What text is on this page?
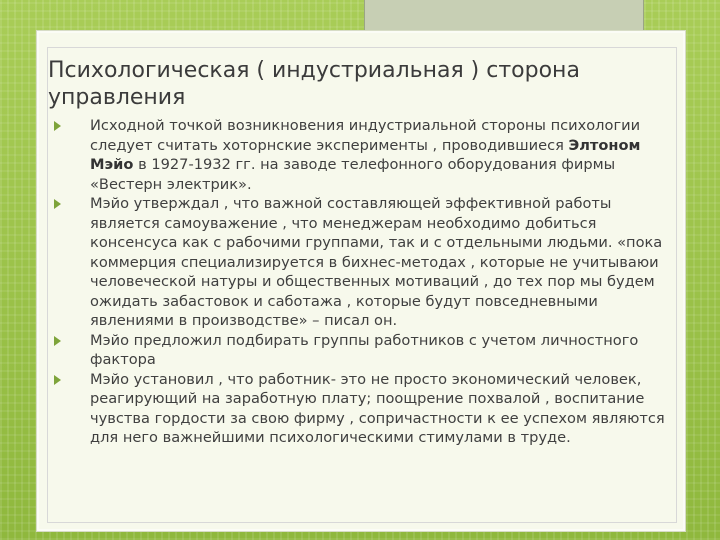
Психологическая ( индустриальная ) сторона управления
Исходной точкой возникновения индустриальной стороны психологии следует считать хоторнские эксперименты , проводившиеся Элтоном Мэйо в 1927-1932 гг. на заводе телефонного оборудования фирмы «Вестерн электрик».
Мэйо утверждал , что важной составляющей эффективной работы является самоуважение , что менеджерам необходимо добиться консенсуса как с рабочими группами, так и с отдельными людьми. «пока коммерция специализируется в бихнес-методах , которые не учитываюи человеческой натуры и общественных мотиваций , до тех пор мы будем ожидать забастовок и саботажа , которые будут повседневными явлениями в производстве» – писал он.
Мэйо предложил подбирать группы работников с учетом личностного фактора
Мэйо установил , что работник- это не просто экономический человек, реагирующий на заработную плату; поощрение похвалой , воспитание чувства гордости за свою фирму , сопричастности к ее успехом являются для него важнейшими психологическими стимулами в труде.
